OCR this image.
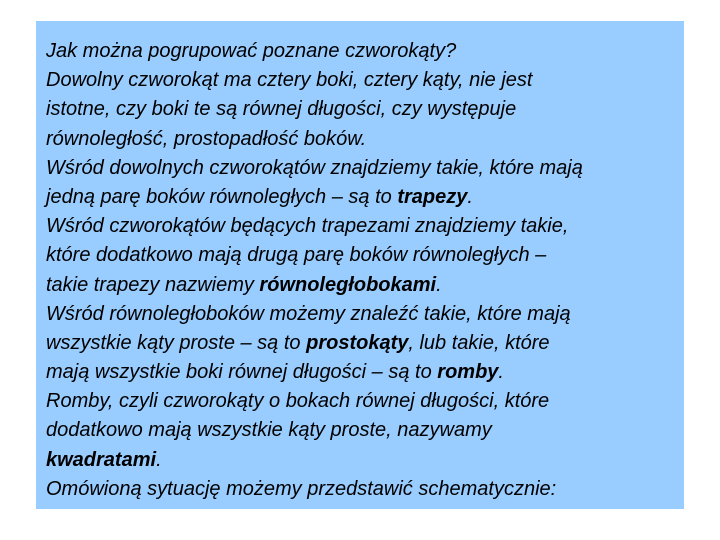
Jak można pogrupować poznane czworokąty?
Dowolny czworokąt ma cztery boki, cztery kąty, nie jest
istotne, czy boki te są równej długości, czy występuje
równoległość, prostopadłość boków.
Wśród dowolnych czworokątów znajdziemy takie, które mają
jedną parę boków równoległych – są to trapezy.
Wśród czworokątów będących trapezami znajdziemy takie,
które dodatkowo mają drugą parę boków równoległych –
takie trapezy nazwiemy równoległobokami.
Wśród równoległoboków możemy znaleźć takie, które mają
wszystkie kąty proste – są to prostokąty, lub takie, które
mają wszystkie boki równej długości – są to romby.
Romby, czyli czworokąty o bokach równej długości, które
dodatkowo mają wszystkie kąty proste, nazywamy
kwadratami.
Omówioną sytuację możemy przedstawić schematycznie:
